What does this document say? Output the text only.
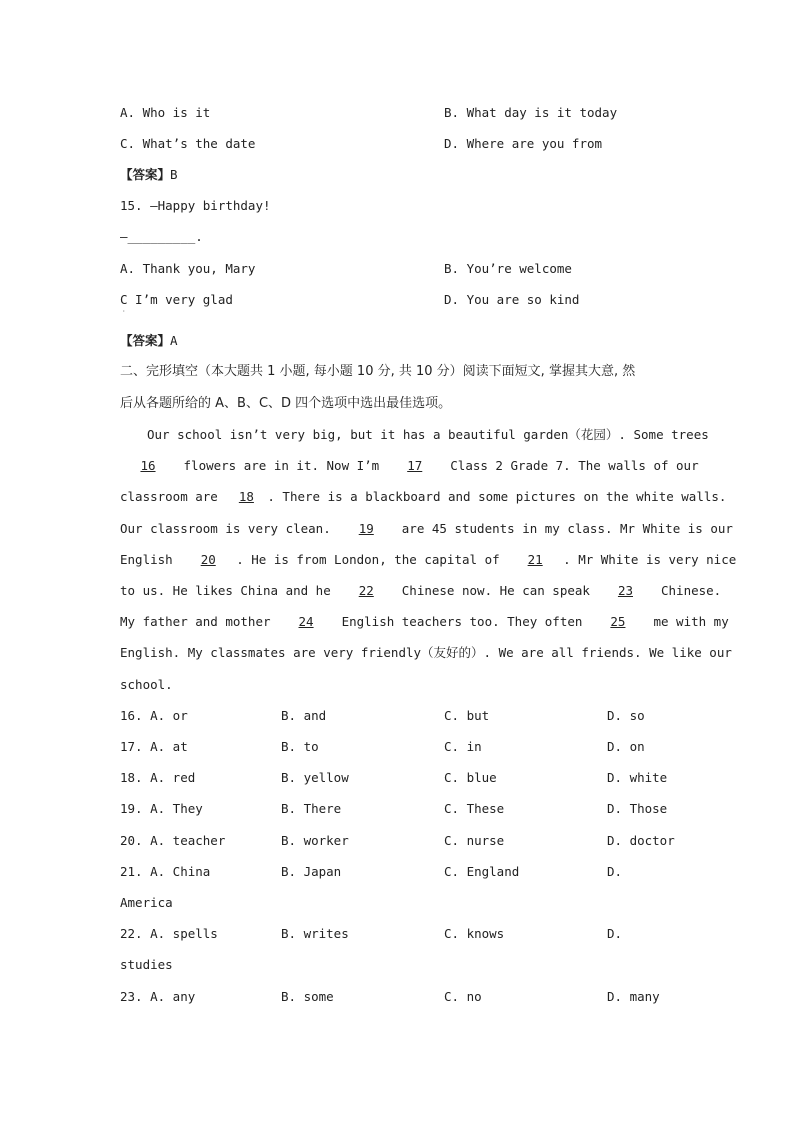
A. Who is it	B. What day is it today
C. What’s the date	D. Where are you from
【答案】B
15. —Happy birthday!
—_________.
A. Thank you, Mary	B. You’re welcome
C I’m very glad	D. You are so kind
·
【答案】A
二、完形填空（本大题共 1 小题, 每小题 10 分, 共 10 分）阅读下面短文, 掌握其大意, 然
后从各题所给的 A、B、C、D 四个选项中选出最佳选项。
Our school isn’t very big, but it has a beautiful garden（花园）. Some trees
16 flowers are in it. Now I’m 17 Class 2 Grade 7. The walls of our
classroom are 18 . There is a blackboard and some pictures on the white walls.
Our classroom is very clean. 19 are 45 students in my class. Mr White is our
English 20 . He is from London, the capital of 21 . Mr White is very nice
to us. He likes China and he 22 Chinese now. He can speak 23 Chinese.
My father and mother 24 English teachers too. They often 25 me with my
English. My classmates are very friendly（友好的）. We are all friends. We like our
school.
16. A. or	B. and	C. but	D. so
17. A. at	B. to	C. in	D. on
18. A. red	B. yellow	C. blue	D. white
19. A. They	B. There	C. These	D. Those
20. A. teacher	B. worker	C. nurse	D. doctor
21. A. China	B. Japan	C. England	D.
America
22. A. spells	B. writes	C. knows	D.
studies
23. A. any	B. some	C. no	D. many
